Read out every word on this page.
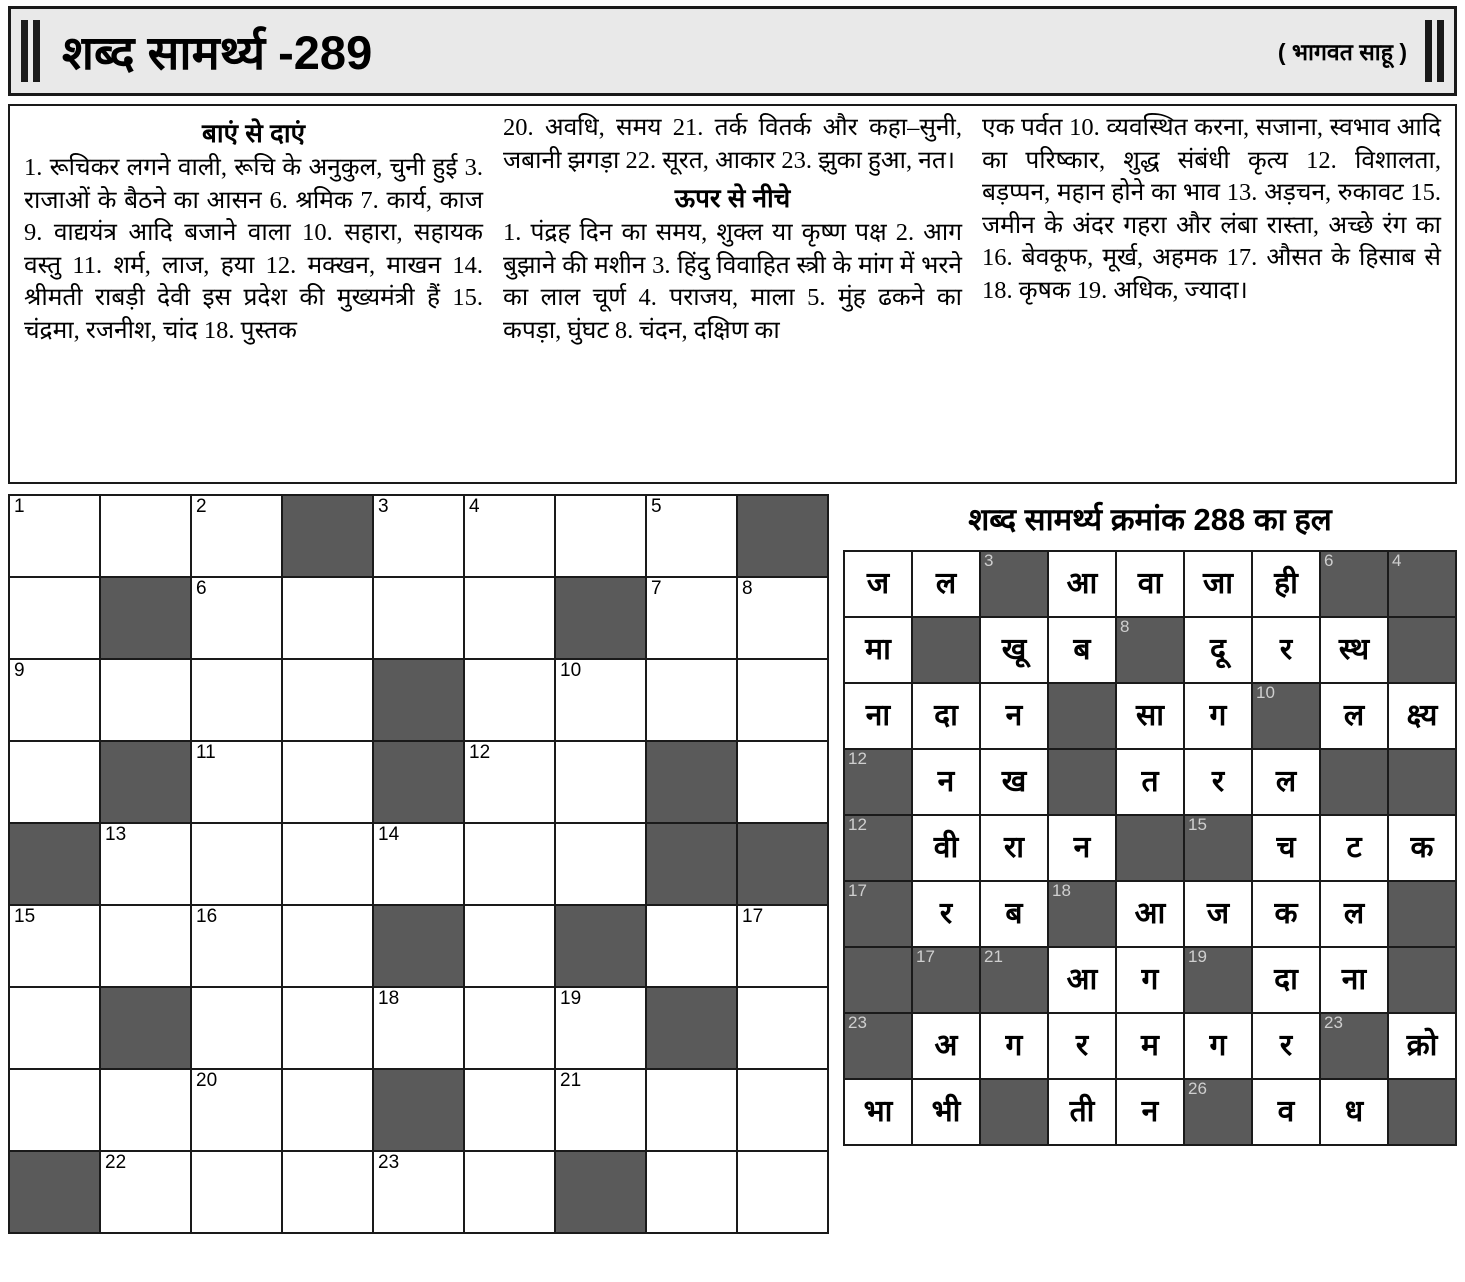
शब्द सामर्थ्य -289	( भागवत साहू )
बाएं से दाएं
1. रूचिकर लगने वाली, रूचि के अनुकुल, चुनी हुई 3. राजाओं के बैठने का आसन 6. श्रमिक 7. कार्य, काज 9. वाद्ययंत्र आदि बजाने वाला 10. सहारा, सहायक वस्तु 11. शर्म, लाज, हया 12. मक्खन, माखन 14. श्रीमती राबड़ी देवी इस प्रदेश की मुख्यमंत्री हैं 15. चंद्रमा, रजनीश, चांद 18. पुस्तक
20. अवधि, समय 21. तर्क वितर्क और कहा–सुनी, जबानी झगड़ा 22. सूरत, आकार 23. झुका हुआ, नत।
ऊपर से नीचे
1. पंद्रह दिन का समय, शुक्ल या कृष्ण पक्ष 2. आग बुझाने की मशीन 3. हिंदु विवाहित स्त्री के मांग में भरने का लाल चूर्ण 4. पराजय, माला 5. मुंह ढकने का कपड़ा, घुंघट 8. चंदन, दक्षिण का
एक पर्वत 10. व्यवस्थित करना, सजाना, स्वभाव आदि का परिष्कार, शुद्ध संबंधी कृत्य 12. विशालता, बड़प्पन, महान होने का भाव 13. अड़चन, रुकावट 15. जमीन के अंदर गहरा और लंबा रास्ता, अच्छे रंग का 16. बेवकूफ, मूर्ख, अहमक 17. औसत के हिसाब से 18. कृषक 19. अधिक, ज्यादा।
1		2		3	4		5	

		6					7	8

9						10		

		11			12			

	13			14				

15		16						17

				18		19		

		20				21		

	22			23				

शब्द सामर्थ्य क्रमांक 288 का हल
ज	ल	3	आ	वा	जा	ही	6	4

मा		खू	ब	8	दू	र	स्थ	

ना	दा	न		सा	ग	10	ल	क्ष्य

12	न	ख		त	र	ल		

12	वी	रा	न		15	च	ट	क

17	र	ब	18	आ	ज	क	ल	

	17	21	आ	ग	19	दा	ना	

23	अ	ग	र	म	ग	र	23	क्रो

भा	भी		ती	न	26	व	ध	
